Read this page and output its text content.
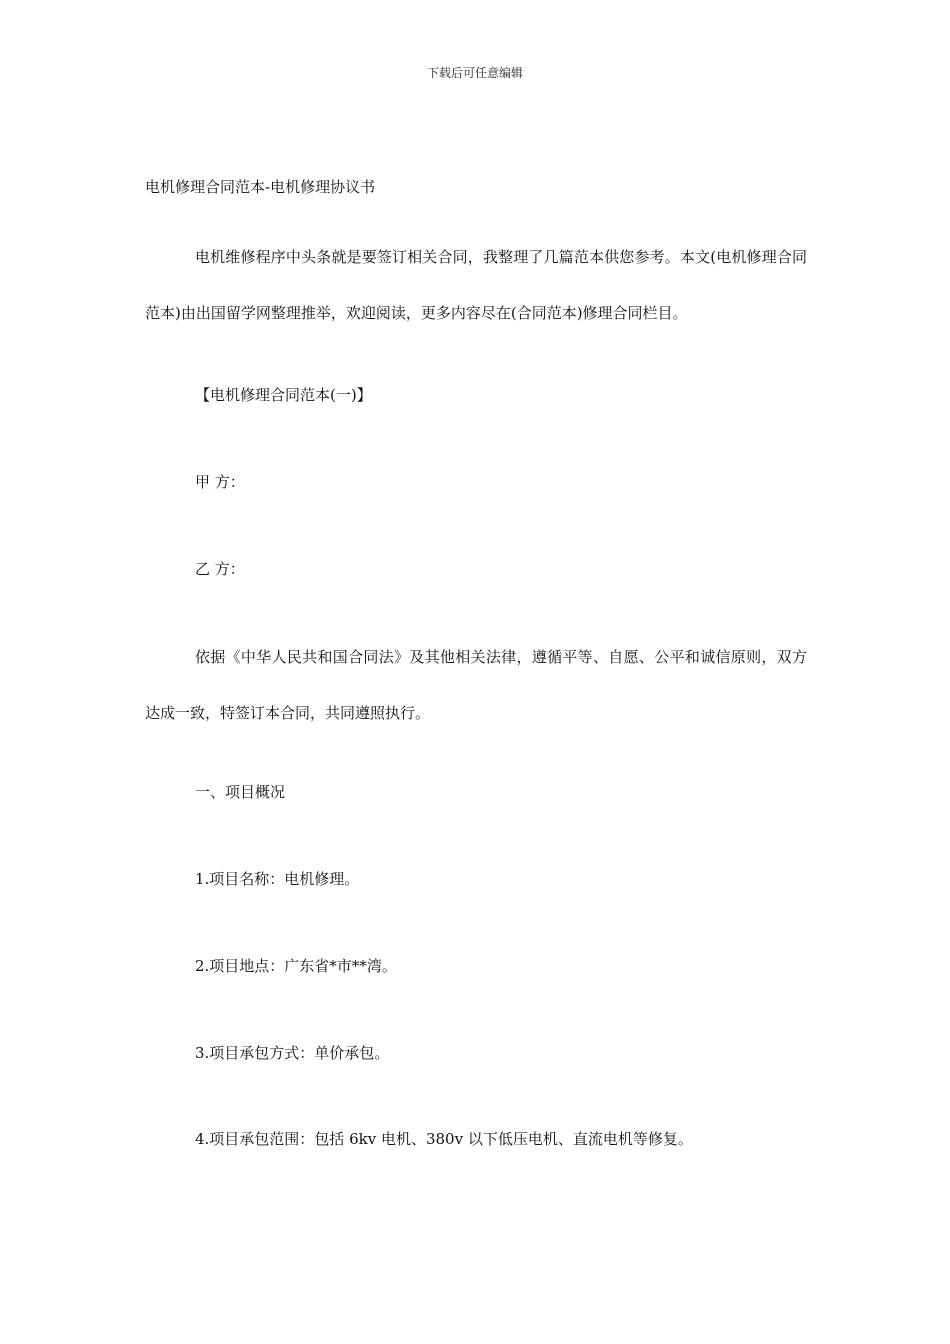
下载后可任意编辑
电机修理合同范本-电机修理协议书

电机维修程序中头条就是要签订相关合同，我整理了几篇范本供您参考。本文(电机修理合同范本)由出国留学网整理推举，欢迎阅读，更多内容尽在(合同范本)修理合同栏目。

【电机修理合同范本(一)】
甲 方：
乙 方：

依据《中华人民共和国合同法》及其他相关法律，遵循平等、自愿、公平和诚信原则，双方达成一致，特签订本合同，共同遵照执行。

一、项目概况
1.项目名称：电机修理。
2.项目地点：广东省*市**湾。
3.项目承包方式：单价承包。
4.项目承包范围：包括 6kv 电机、380v 以下低压电机、直流电机等修复。
